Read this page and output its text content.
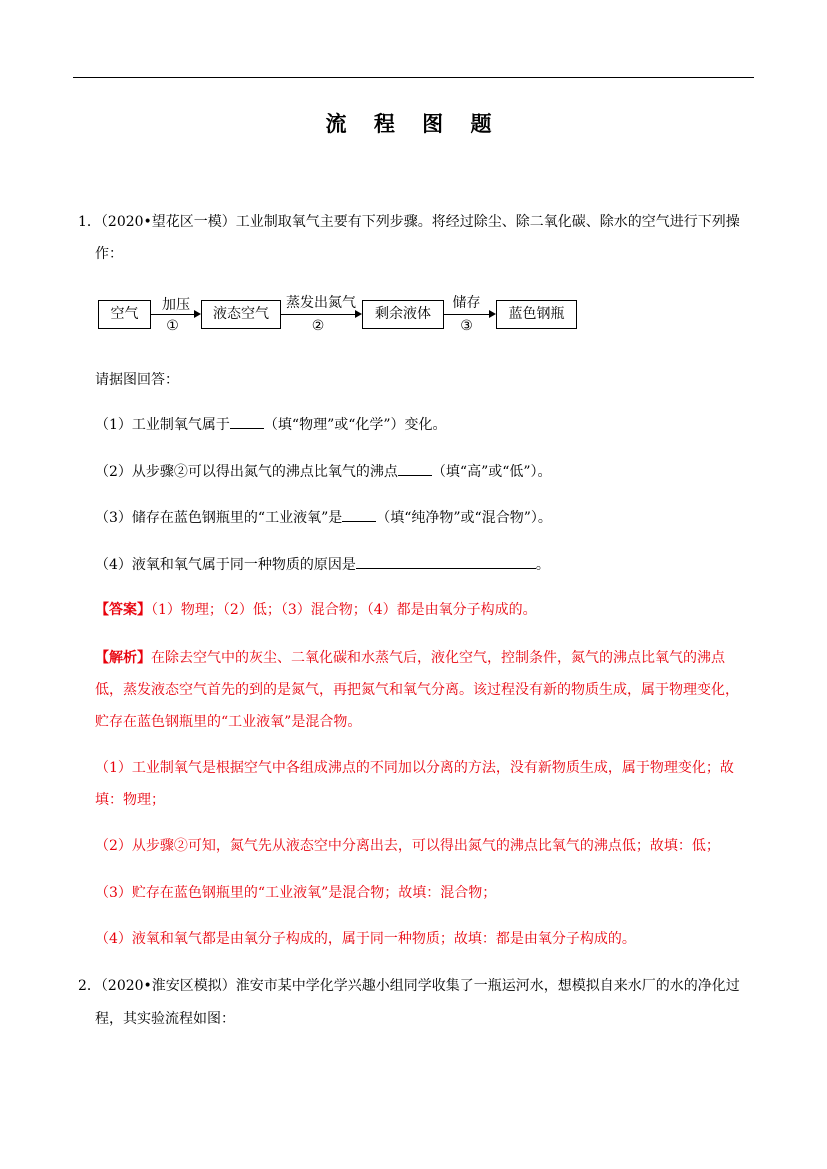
流 程 图 题
1．（2020•望花区一模）工业制取氧气主要有下列步骤。将经过除尘、除二氧化碳、除水的空气进行下列操
作：
空气
加压
①
液态空气
蒸发出氮气
②
剩余液体
储存
③
蓝色钢瓶
请据图回答：
（1）工业制氧气属于 （填“物理”或“化学”）变化。
（2）从步骤②可以得出氮气的沸点比氧气的沸点 （填“高”或“低”）。
（3）储存在蓝色钢瓶里的“工业液氧”是 （填“纯净物”或“混合物”）。
（4）液氧和氧气属于同一种物质的原因是	。
【答案】（1）物理；（2）低；（3）混合物；（4）都是由氧分子构成的。
【解析】在除去空气中的灰尘、二氧化碳和水蒸气后，液化空气，控制条件，氮气的沸点比氧气的沸点
低，蒸发液态空气首先的到的是氮气，再把氮气和氧气分离。该过程没有新的物质生成，属于物理变化，
贮存在蓝色钢瓶里的“工业液氧”是混合物。
（1）工业制氧气是根据空气中各组成沸点的不同加以分离的方法，没有新物质生成，属于物理变化；故
填：物理；
（2）从步骤②可知，氮气先从液态空中分离出去，可以得出氮气的沸点比氧气的沸点低；故填：低；
（3）贮存在蓝色钢瓶里的“工业液氧”是混合物；故填：混合物；
（4）液氧和氧气都是由氧分子构成的，属于同一种物质；故填：都是由氧分子构成的。
2．（2020•淮安区模拟）淮安市某中学化学兴趣小组同学收集了一瓶运河水，想模拟自来水厂的水的净化过
程，其实验流程如图：
